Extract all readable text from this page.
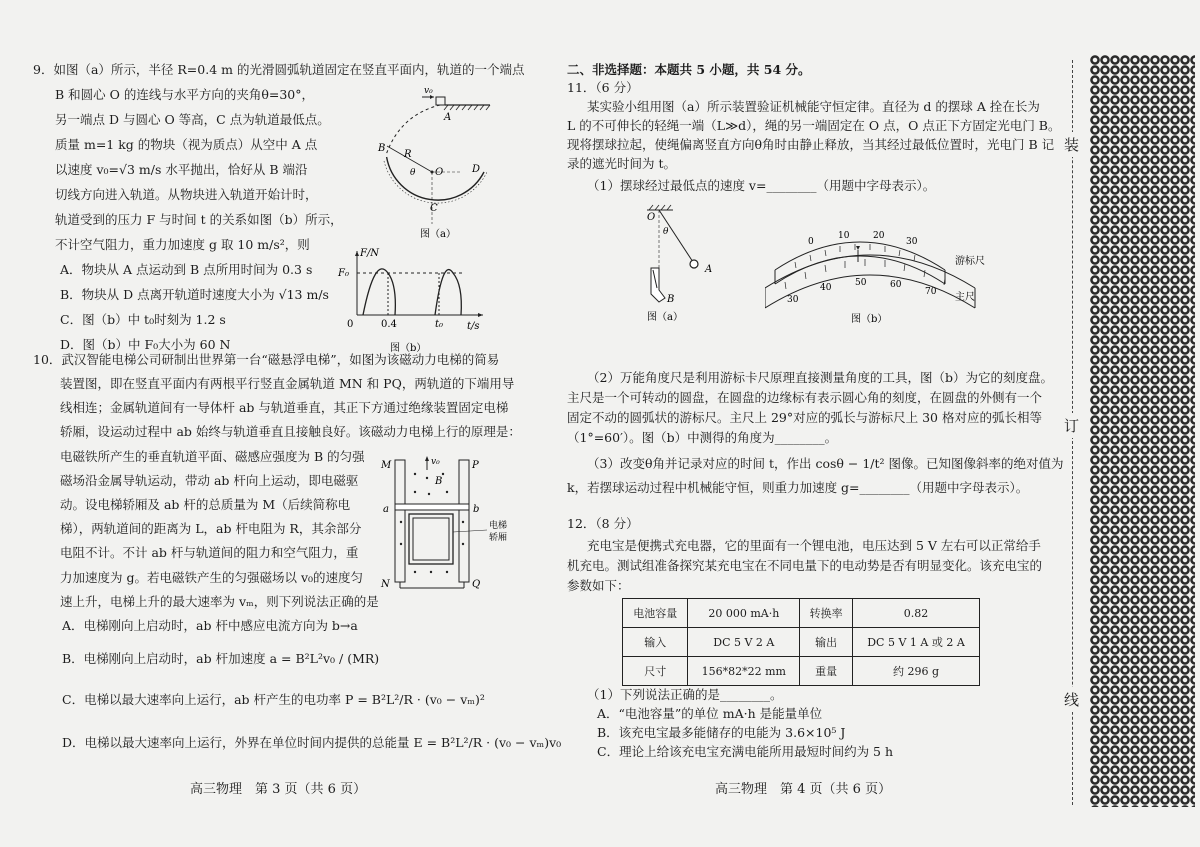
9．如图（a）所示，半径 R=0.4 m 的光滑圆弧轨道固定在竖直平面内，轨道的一个端点
B 和圆心 O 的连线与水平方向的夹角θ=30°，
另一端点 D 与圆心 O 等高，C 点为轨道最低点。
质量 m=1 kg 的物块（视为质点）从空中 A 点
以速度 v₀=√3 m/s 水平抛出，恰好从 B 端沿
切线方向进入轨道。从物块进入轨道开始计时，
轨道受到的压力 F 与时间 t 的关系如图（b）所示，
不计空气阻力，重力加速度 g 取 10 m/s²，则
A．物块从 A 点运动到 B 点所用时间为 0.3 s
B．物块从 D 点离开轨道时速度大小为 √13 m/s
C．图（b）中 t₀时刻为 1.2 s
D．图（b）中 F₀大小为 60 N
v₀
A
B
R
θ O
C
D
图（a）
F/N
t/s
F₀
0	0.4	t₀
图（b）
10．武汉智能电梯公司研制出世界第一台“磁悬浮电梯”，如图为该磁动力电梯的简易
装置图，即在竖直平面内有两根平行竖直金属轨道 MN 和 PQ，两轨道的下端用导
线相连；金属轨道间有一导体杆 ab 与轨道垂直，其正下方通过绝缘装置固定电梯
轿厢，设运动过程中 ab 始终与轨道垂直且接触良好。该磁动力电梯上行的原理是：
电磁铁所产生的垂直轨道平面、磁感应强度为 B 的匀强
磁场沿金属导轨运动，带动 ab 杆向上运动，即电磁驱
动。设电梯轿厢及 ab 杆的总质量为 M（后续简称电
梯），两轨道间的距离为 L，ab 杆电阻为 R，其余部分
电阻不计。不计 ab 杆与轨道间的阻力和空气阻力，重
力加速度为 g。若电磁铁产生的匀强磁场以 v₀的速度匀
速上升，电梯上升的最大速率为 vₘ，则下列说法正确的是
A．电梯刚向上启动时，ab 杆中感应电流方向为 b→a
B．电梯刚向上启动时，ab 杆加速度 a = B²L²v₀ / (MR)
C．电梯以最大速率向上运行，ab 杆产生的电功率 P = B²L²/R · (v₀ − vₘ)²
D．电梯以最大速率向上运行，外界在单位时间内提供的总能量 E = B²L²/R · (v₀ − vₘ)v₀
M	P
v₀
B
a	b
电梯
轿厢
N	Q
高三物理　第 3 页（共 6 页）
二、非选择题：本题共 5 小题，共 54 分。
11．（6 分）
某实验小组用图（a）所示装置验证机械能守恒定律。直径为 d 的摆球 A 拴在长为
L 的不可伸长的轻绳一端（L≫d），绳的另一端固定在 O 点，O 点正下方固定光电门 B。
现将摆球拉起，使绳偏离竖直方向θ角时由静止释放，当其经过最低位置时，光电门 B 记
录的遮光时间为 t。
（1）摆球经过最低点的速度 v=________（用题中字母表示）。
O
θ
A
B
图（a）
0
10	20
30
30
40	50	60
70
游标尺
主尺
图（b）
（2）万能角度尺是利用游标卡尺原理直接测量角度的工具，图（b）为它的刻度盘。
主尺是一个可转动的圆盘，在圆盘的边缘标有表示圆心角的刻度，在圆盘的外侧有一个
固定不动的圆弧状的游标尺。主尺上 29°对应的弧长与游标尺上 30 格对应的弧长相等
（1°=60′）。图（b）中测得的角度为________。
（3）改变θ角并记录对应的时间 t，作出 cosθ − 1/t² 图像。已知图像斜率的绝对值为
k，若摆球运动过程中机械能守恒，则重力加速度 g=________（用题中字母表示）。
12．（8 分）
充电宝是便携式充电器，它的里面有一个锂电池，电压达到 5 V 左右可以正常给手
机充电。测试组准备探究某充电宝在不同电量下的电动势是否有明显变化。该充电宝的
参数如下：
电池容量	20 000 mA·h	转换率	0.82
输入	DC 5 V 2 A	输出	DC 5 V 1 A 或 2 A
尺寸	156*82*22 mm	重量	约 296 g
（1）下列说法正确的是________。
A．“电池容量”的单位 mA·h 是能量单位
B．该充电宝最多能储存的电能为 3.6×10⁵ J
C．理论上给该充电宝充满电能所用最短时间约为 5 h
高三物理　第 4 页（共 6 页）
装
订
线
